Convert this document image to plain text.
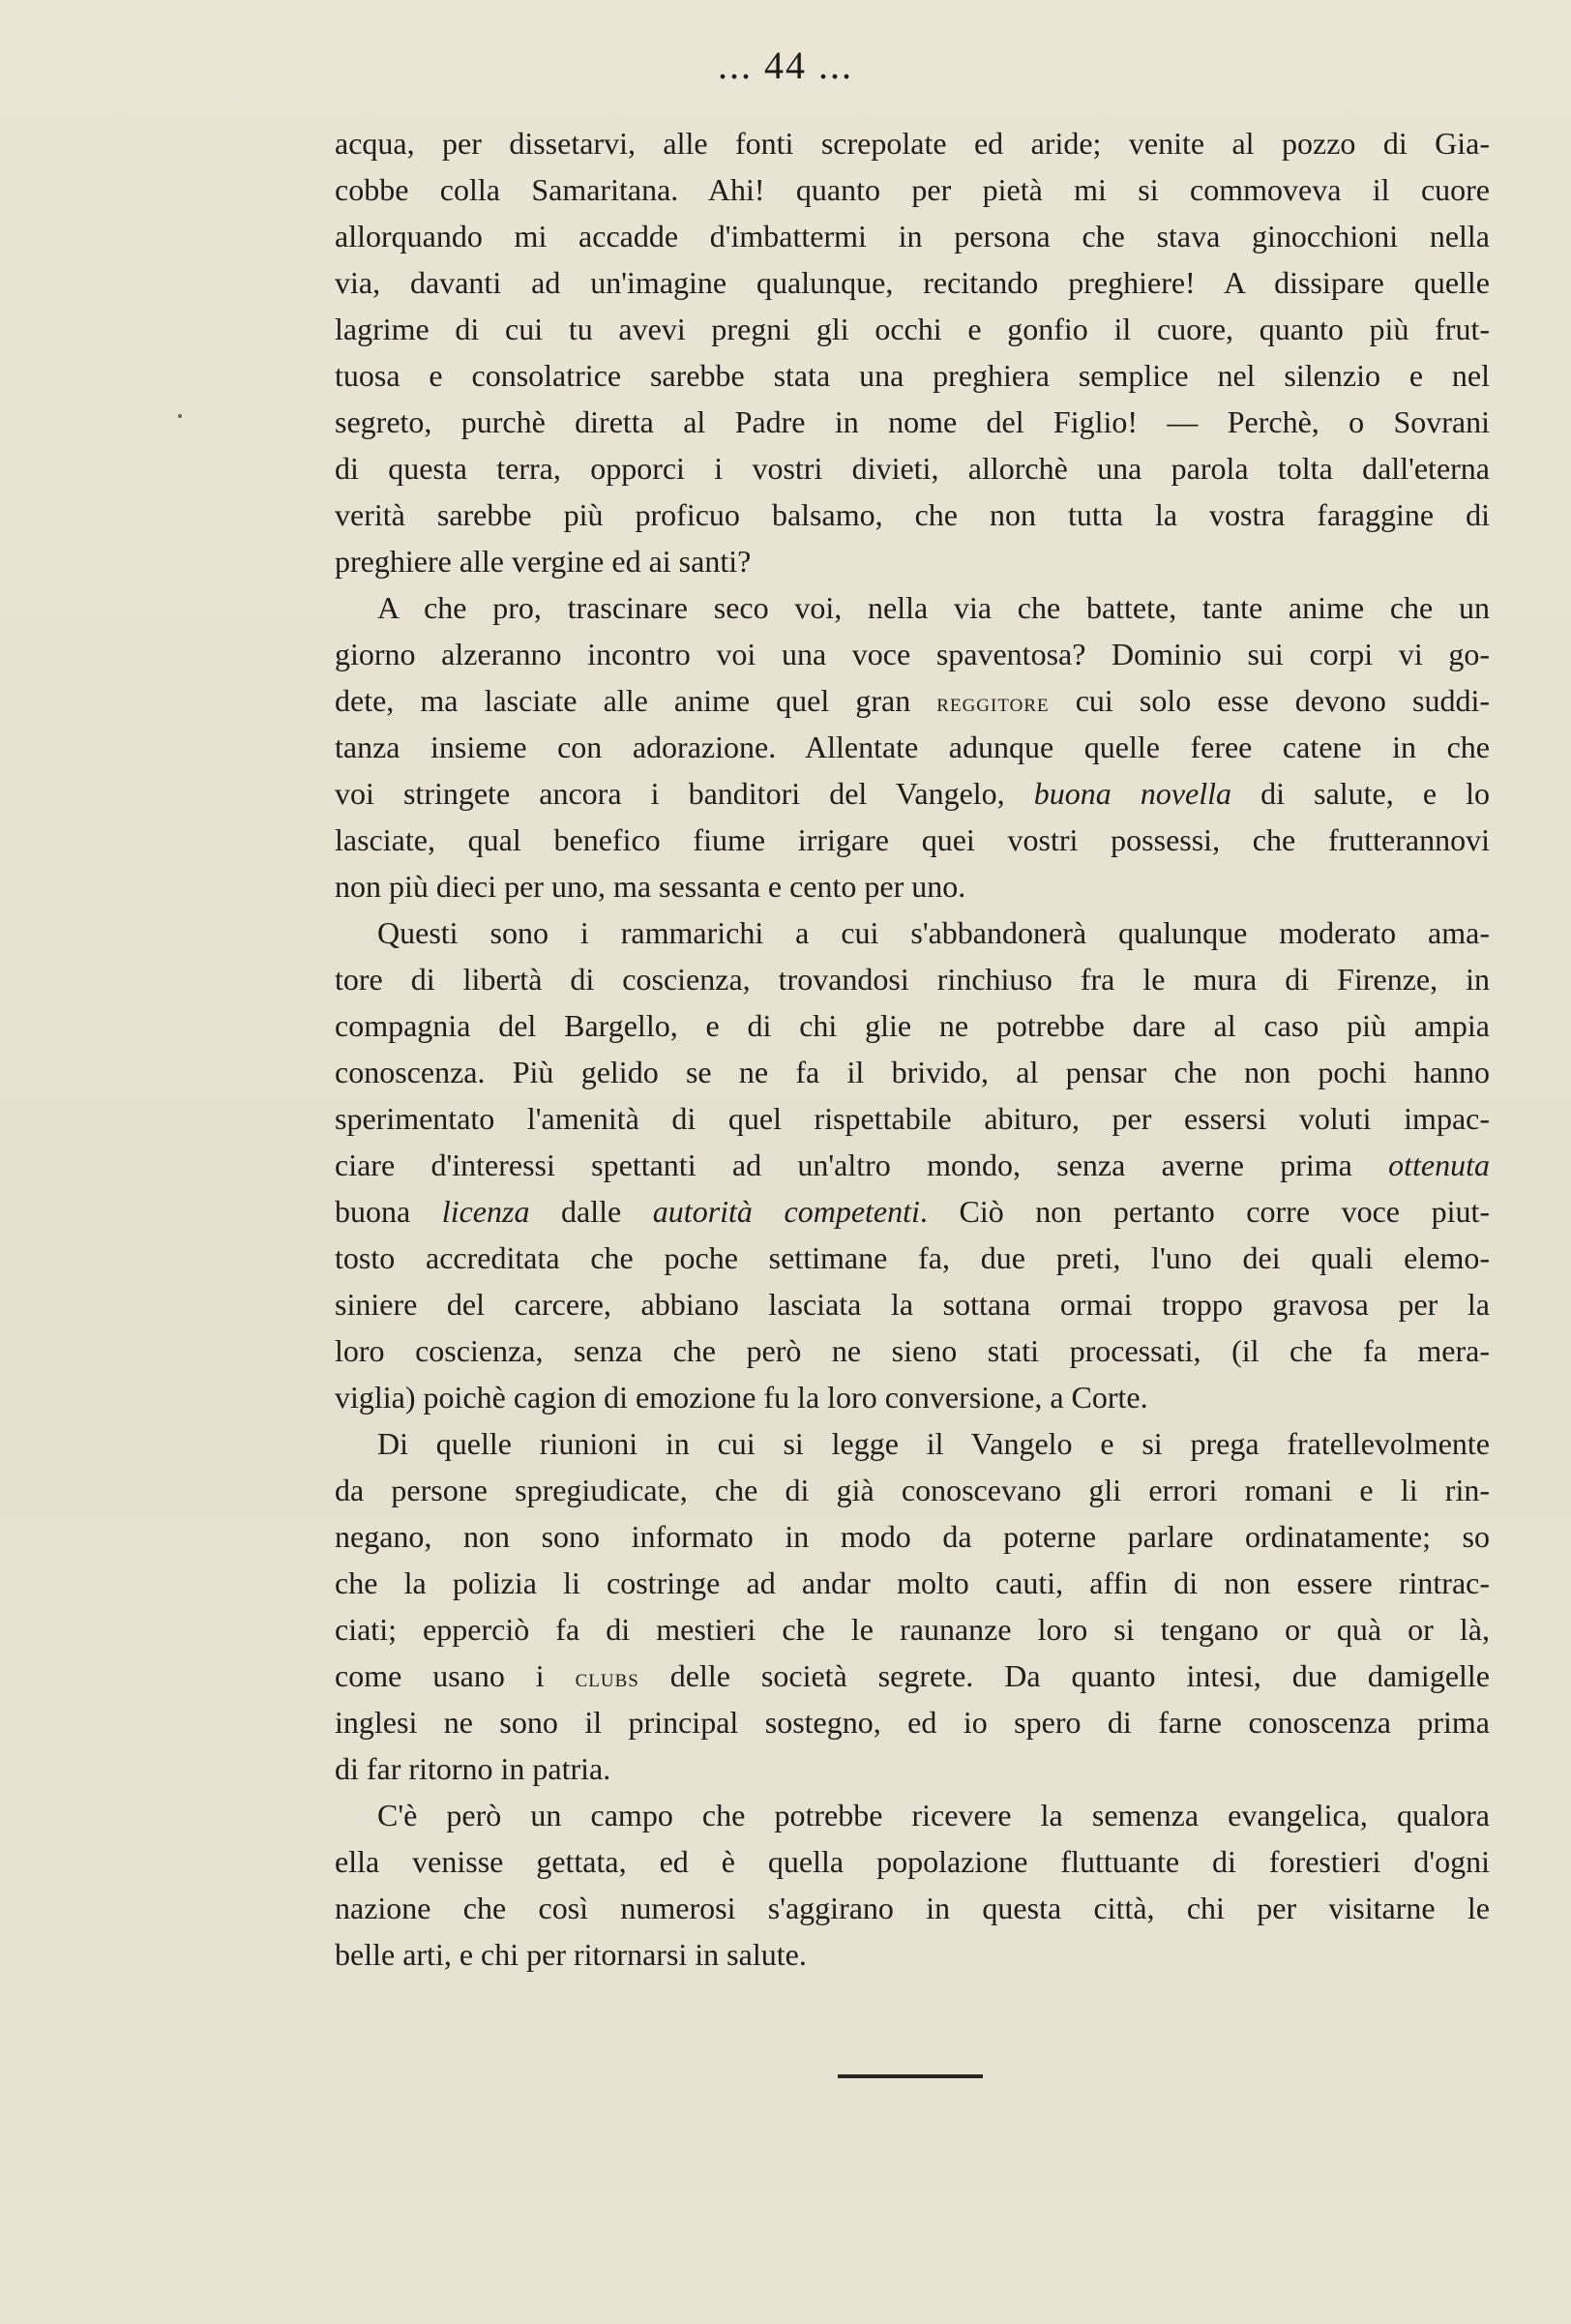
... 44 ...
acqua, per dissetarvi, alle fonti screpolate ed aride; venite al pozzo di Gia-
cobbe colla Samaritana. Ahi! quanto per pietà mi si commoveva il cuore
allorquando mi accadde d'imbattermi in persona che stava ginocchioni nella
via, davanti ad un'imagine qualunque, recitando preghiere! A dissipare quelle
lagrime di cui tu avevi pregni gli occhi e gonfio il cuore, quanto più frut-
tuosa e consolatrice sarebbe stata una preghiera semplice nel silenzio e nel
segreto, purchè diretta al Padre in nome del Figlio! — Perchè, o Sovrani
di questa terra, opporci i vostri divieti, allorchè una parola tolta dall'eterna
verità sarebbe più proficuo balsamo, che non tutta la vostra faraggine di
preghiere alle vergine ed ai santi?
A che pro, trascinare seco voi, nella via che battete, tante anime che un
giorno alzeranno incontro voi una voce spaventosa? Dominio sui corpi vi go-
dete, ma lasciate alle anime quel gran reggitore cui solo esse devono suddi-
tanza insieme con adorazione. Allentate adunque quelle feree catene in che
voi stringete ancora i banditori del Vangelo, buona novella di salute, e lo
lasciate, qual benefico fiume irrigare quei vostri possessi, che frutterannovi
non più dieci per uno, ma sessanta e cento per uno.
Questi sono i rammarichi a cui s'abbandonerà qualunque moderato ama-
tore di libertà di coscienza, trovandosi rinchiuso fra le mura di Firenze, in
compagnia del Bargello, e di chi glie ne potrebbe dare al caso più ampia
conoscenza. Più gelido se ne fa il brivido, al pensar che non pochi hanno
sperimentato l'amenità di quel rispettabile abituro, per essersi voluti impac-
ciare d'interessi spettanti ad un'altro mondo, senza averne prima ottenuta
buona licenza dalle autorità competenti. Ciò non pertanto corre voce piut-
tosto accreditata che poche settimane fa, due preti, l'uno dei quali elemo-
siniere del carcere, abbiano lasciata la sottana ormai troppo gravosa per la
loro coscienza, senza che però ne sieno stati processati, (il che fa mera-
viglia) poichè cagion di emozione fu la loro conversione, a Corte.
Di quelle riunioni in cui si legge il Vangelo e si prega fratellevolmente
da persone spregiudicate, che di già conoscevano gli errori romani e li rin-
negano, non sono informato in modo da poterne parlare ordinatamente; so
che la polizia li costringe ad andar molto cauti, affin di non essere rintrac-
ciati; epperciò fa di mestieri che le raunanze loro si tengano or quà or là,
come usano i clubs delle società segrete. Da quanto intesi, due damigelle
inglesi ne sono il principal sostegno, ed io spero di farne conoscenza prima
di far ritorno in patria.
C'è però un campo che potrebbe ricevere la semenza evangelica, qualora
ella venisse gettata, ed è quella popolazione fluttuante di forestieri d'ogni
nazione che così numerosi s'aggirano in questa città, chi per visitarne le
belle arti, e chi per ritornarsi in salute.
